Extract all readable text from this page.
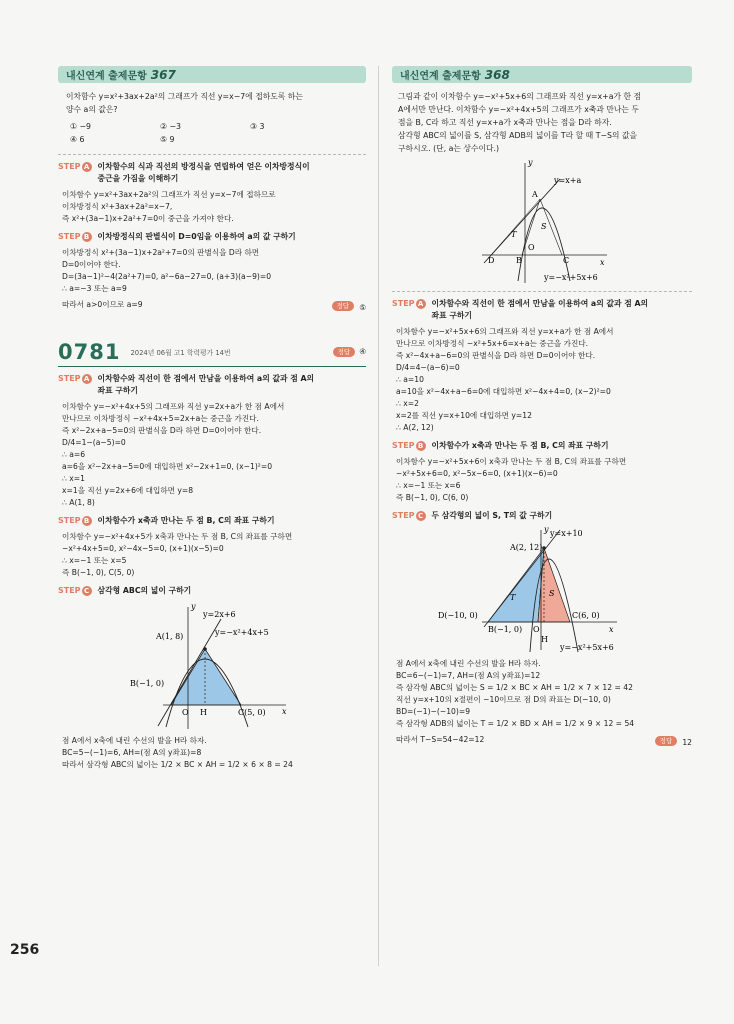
내신연계 출제문항 367
이차함수 y=x²+3ax+2a²의 그래프가 직선 y=x−7에 접하도록 하는
양수 a의 값은?
① −9	② −3	③ 3
④ 6	⑤ 9
STEP A 이차함수의 식과 직선의 방정식을 연립하여 얻은 이차방정식이
중근을 가짐을 이해하기
이차함수 y=x²+3ax+2a²의 그래프가 직선 y=x−7에 접하므로
이차방정식 x²+3ax+2a²=x−7,
즉 x²+(3a−1)x+2a²+7=0이 중근을 가져야 한다.
STEP B 이차방정식의 판별식이 D=0임을 이용하여 a의 값 구하기
이차방정식 x²+(3a−1)x+2a²+7=0의 판별식을 D라 하면
D=0이어야 한다.
D=(3a−1)²−4(2a²+7)=0, a²−6a−27=0, (a+3)(a−9)=0
∴ a=−3 또는 a=9
따라서 a>0이므로 a=9	정답 ⑤
0781 2024년 06월 고1 학력평가 14번	정답	④
STEP A 이차함수와 직선이 한 점에서 만남을 이용하여 a의 값과 점 A의
좌표 구하기
이차함수 y=−x²+4x+5의 그래프와 직선 y=2x+a가 한 점 A에서
만나므로 이차방정식 −x²+4x+5=2x+a는 중근을 가진다.
즉 x²−2x+a−5=0의 판별식을 D라 하면 D=0이어야 한다.
D/4=1−(a−5)=0
∴ a=6
a=6을 x²−2x+a−5=0에 대입하면 x²−2x+1=0, (x−1)²=0
∴ x=1
x=1을 직선 y=2x+6에 대입하면 y=8
∴ A(1, 8)
STEP B 이차함수가 x축과 만나는 두 점 B, C의 좌표 구하기
이차함수 y=−x²+4x+5가 x축과 만나는 두 점 B, C의 좌표를 구하면
−x²+4x+5=0, x²−4x−5=0, (x+1)(x−5)=0
∴ x=−1 또는 x=5
즉 B(−1, 0), C(5, 0)
STEP C	삼각형 ABC의 넓이 구하기
y
y=2x+6
y=−x²+4x+5
A(1, 8)
B(−1, 0)
O H	C(5, 0) x
점 A에서 x축에 내린 수선의 발을 H라 하자.
BC=5−(−1)=6, AH=(점 A의 y좌표)=8
따라서 삼각형 ABC의 넓이는 1/2 × BC × AH = 1/2 × 6 × 8 = 24
내신연계 출제문항 368
그림과 같이 이차함수 y=−x²+5x+6의 그래프와 직선 y=x+a가 한 점
A에서만 만난다. 이차함수 y=−x²+4x+5의 그래프가 x축과 만나는 두
점을 B, C라 하고 직선 y=x+a가 x축과 만나는 점을 D라 하자.
삼각형 ABC의 넓이를 S, 삼각형 ADB의 넓이를 T라 할 때 T−S의 값을
구하시오. (단, a는 상수이다.)
y
y=x+a
A
S
T
D	B
O
C	x
y=−x²+5x+6
STEP A 이차함수와 직선이 한 점에서 만남을 이용하여 a의 값과 점 A의
좌표 구하기
이차함수 y=−x²+5x+6의 그래프와 직선 y=x+a가 한 점 A에서
만나므로 이차방정식 −x²+5x+6=x+a는 중근을 가진다.
즉 x²−4x+a−6=0의 판별식을 D라 하면 D=0이어야 한다.
D/4=4−(a−6)=0
∴ a=10
a=10을 x²−4x+a−6=0에 대입하면 x²−4x+4=0, (x−2)²=0
∴ x=2
x=2를 직선 y=x+10에 대입하면 y=12
∴ A(2, 12)
STEP B 이차함수가 x축과 만나는 두 점 B, C의 좌표 구하기
이차함수 y=−x²+5x+6이 x축과 만나는 두 점 B, C의 좌표를 구하면
−x²+5x+6=0, x²−5x−6=0, (x+1)(x−6)=0
∴ x=−1 또는 x=6
즉 B(−1, 0), C(6, 0)
STEP C	두 삼각형의 넓이 S, T의 값 구하기
y
A(2, 12)
y=x+10
T	S
D(−10, 0)
B(−1, 0) O
H
C(6, 0)
x
y=−x²+5x+6
점 A에서 x축에 내린 수선의 발을 H라 하자.
BC=6−(−1)=7, AH=(점 A의 y좌표)=12
즉 삼각형 ABC의 넓이는 S = 1/2 × BC × AH = 1/2 × 7 × 12 = 42
직선 y=x+10의 x절편이 −10이므로 점 D의 좌표는 D(−10, 0)
BD=(−1)−(−10)=9
즉 삼각형 ADB의 넓이는 T = 1/2 × BD × AH = 1/2 × 9 × 12 = 54
따라서 T−S=54−42=12	정답 12
256
